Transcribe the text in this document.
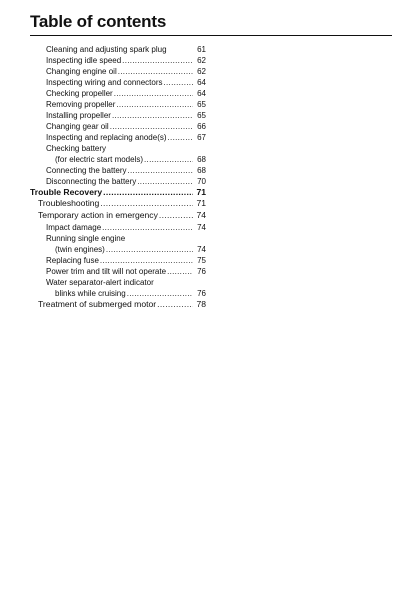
Table of contents
Cleaning and adjusting spark plug	61
Inspecting idle speed .....	62
Changing engine oil .....	62
Inspecting wiring and connectors .....	64
Checking propeller .....	64
Removing propeller .....	65
Installing propeller .....	65
Changing gear oil .....	66
Inspecting and replacing anode(s) .....	67
Checking battery
(for electric start models) .....	68
Connecting the battery .....	68
Disconnecting the battery .....	70
Trouble Recovery .....	71
Troubleshooting .....	71
Temporary action in emergency .....	74
Impact damage .....	74
Running single engine
(twin engines) .....	74
Replacing fuse .....	75
Power trim and tilt will not operate .....	76
Water separator-alert indicator
blinks while cruising .....	76
Treatment of submerged motor .....	78
